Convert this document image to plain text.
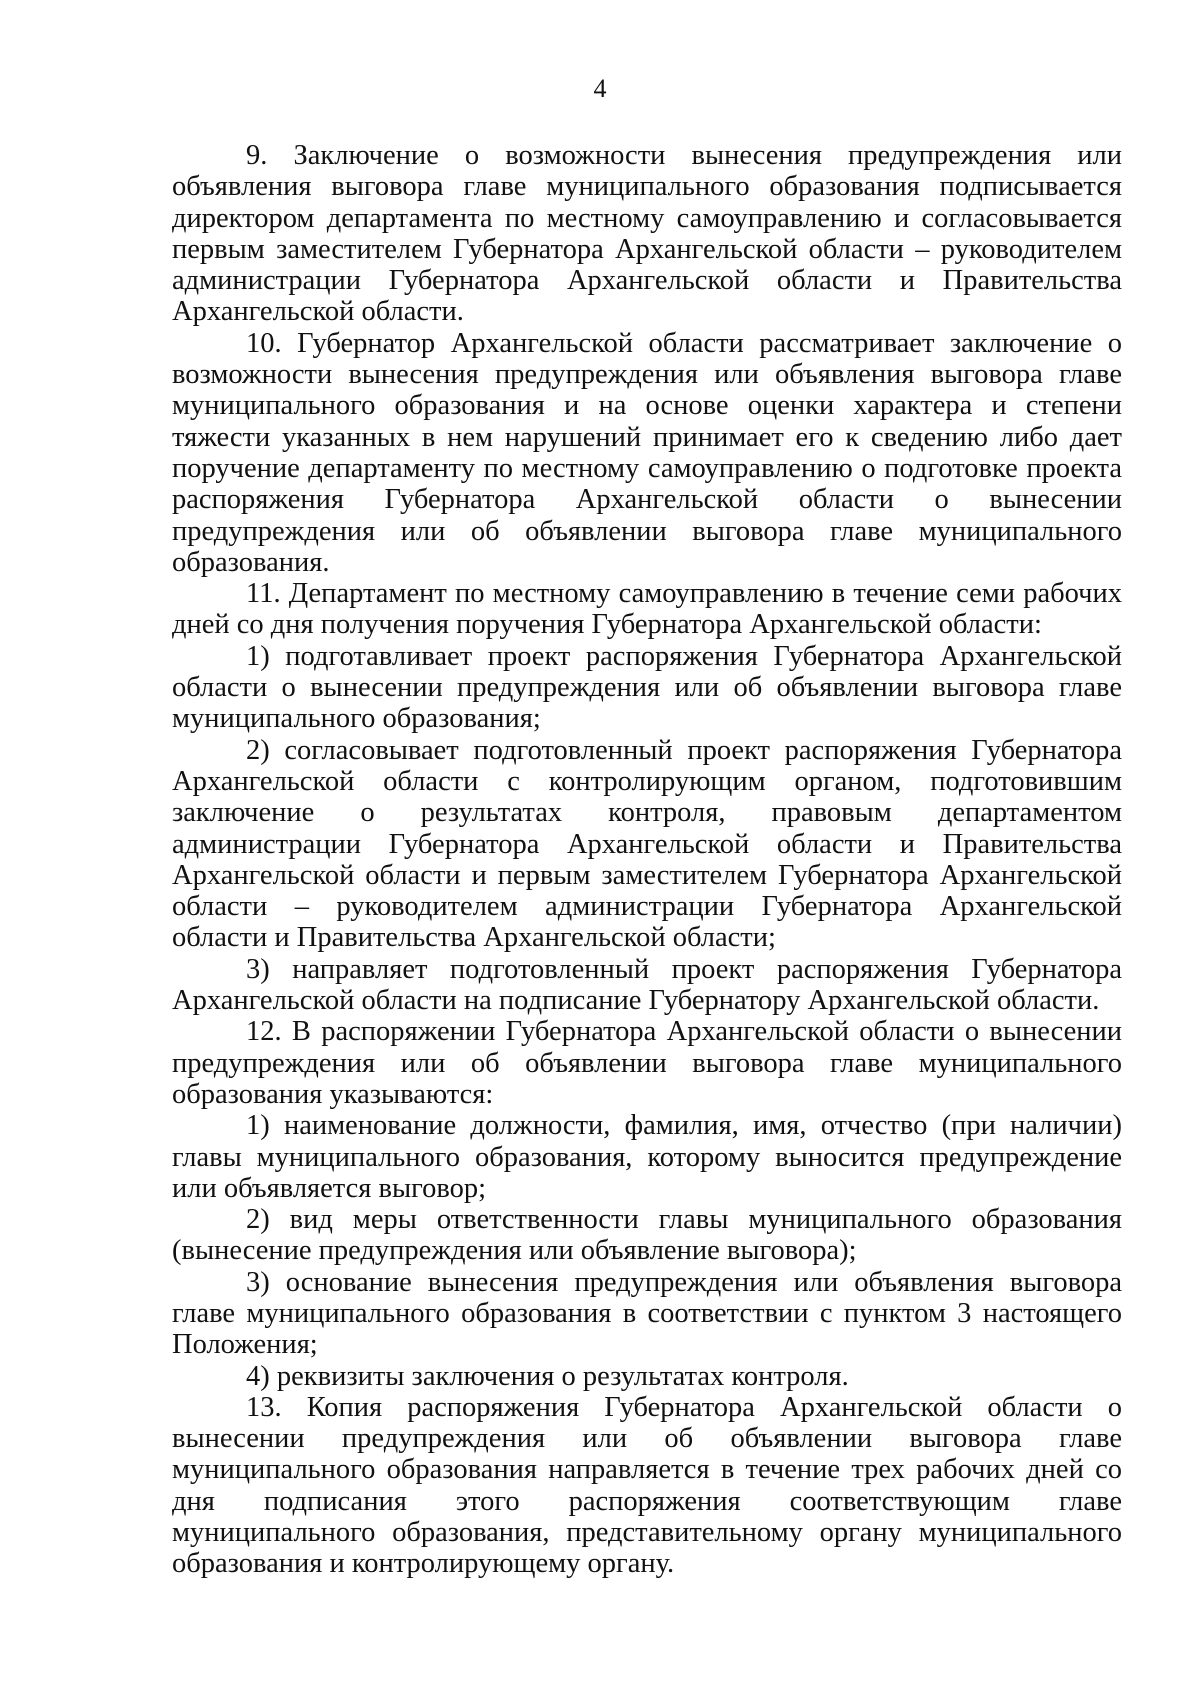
4

9. Заключение о возможности вынесения предупреждения или объявления выговора главе муниципального образования подписывается директором департамента по местному самоуправлению и согласовывается первым заместителем Губернатора Архангельской области – руководителем администрации Губернатора Архангельской области и Правительства Архангельской области.

10. Губернатор Архангельской области рассматривает заключение о возможности вынесения предупреждения или объявления выговора главе муниципального образования и на основе оценки характера и степени тяжести указанных в нем нарушений принимает его к сведению либо дает поручение департаменту по местному самоуправлению о подготовке проекта распоряжения Губернатора Архангельской области о вынесении предупреждения или об объявлении выговора главе муниципального образования.

11. Департамент по местному самоуправлению в течение семи рабочих дней со дня получения поручения Губернатора Архангельской области:

1) подготавливает проект распоряжения Губернатора Архангельской области о вынесении предупреждения или об объявлении выговора главе муниципального образования;

2) согласовывает подготовленный проект распоряжения Губернатора Архангельской области с контролирующим органом, подготовившим заключение о результатах контроля, правовым департаментом администрации Губернатора Архангельской области и Правительства Архангельской области и первым заместителем Губернатора Архангельской области – руководителем администрации Губернатора Архангельской области и Правительства Архангельской области;

3) направляет подготовленный проект распоряжения Губернатора Архангельской области на подписание Губернатору Архангельской области.

12. В распоряжении Губернатора Архангельской области о вынесении предупреждения или об объявлении выговора главе муниципального образования указываются:

1) наименование должности, фамилия, имя, отчество (при наличии) главы муниципального образования, которому выносится предупреждение или объявляется выговор;

2) вид меры ответственности главы муниципального образования (вынесение предупреждения или объявление выговора);

3) основание вынесения предупреждения или объявления выговора главе муниципального образования в соответствии с пунктом 3 настоящего Положения;

4) реквизиты заключения о результатах контроля.

13. Копия распоряжения Губернатора Архангельской области о вынесении предупреждения или об объявлении выговора главе муниципального образования направляется в течение трех рабочих дней со дня подписания этого распоряжения соответствующим главе муниципального образования, представительному органу муниципального образования и контролирующему органу.
